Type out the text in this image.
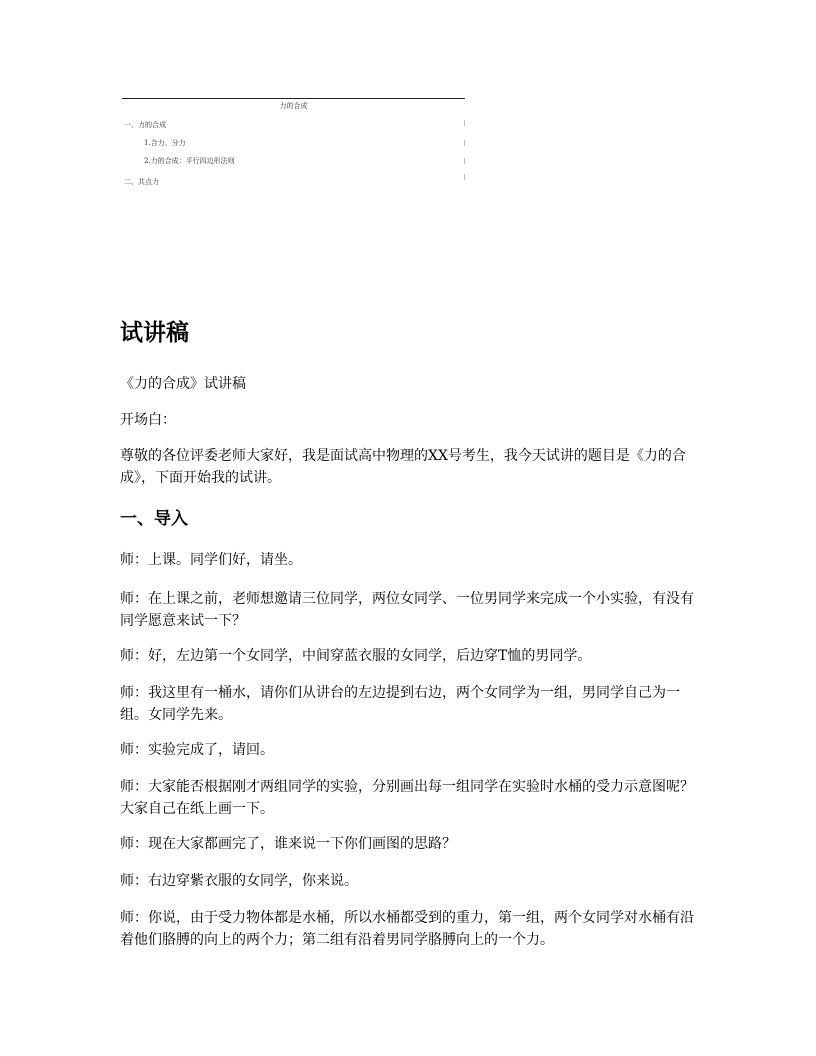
力的合成
一、力的合成
1.合力、分力
2.力的合成：平行四边形法则
二、共点力
试讲稿

《力的合成》试讲稿

开场白：

尊敬的各位评委老师大家好，我是面试高中物理的XX号考生，我今天试讲的题目是《力的合成》，下面开始我的试讲。

一、导入

师：上课。同学们好，请坐。

师：在上课之前，老师想邀请三位同学，两位女同学、一位男同学来完成一个小实验，有没有同学愿意来试一下？

师：好，左边第一个女同学，中间穿蓝衣服的女同学，后边穿T恤的男同学。

师：我这里有一桶水，请你们从讲台的左边提到右边，两个女同学为一组，男同学自己为一组。女同学先来。

师：实验完成了，请回。

师：大家能否根据刚才两组同学的实验，分别画出每一组同学在实验时水桶的受力示意图呢？大家自己在纸上画一下。

师：现在大家都画完了，谁来说一下你们画图的思路？

师：右边穿紫衣服的女同学，你来说。

师：你说，由于受力物体都是水桶，所以水桶都受到的重力，第一组，两个女同学对水桶有沿着他们胳膊的向上的两个力；第二组有沿着男同学胳膊向上的一个力。
